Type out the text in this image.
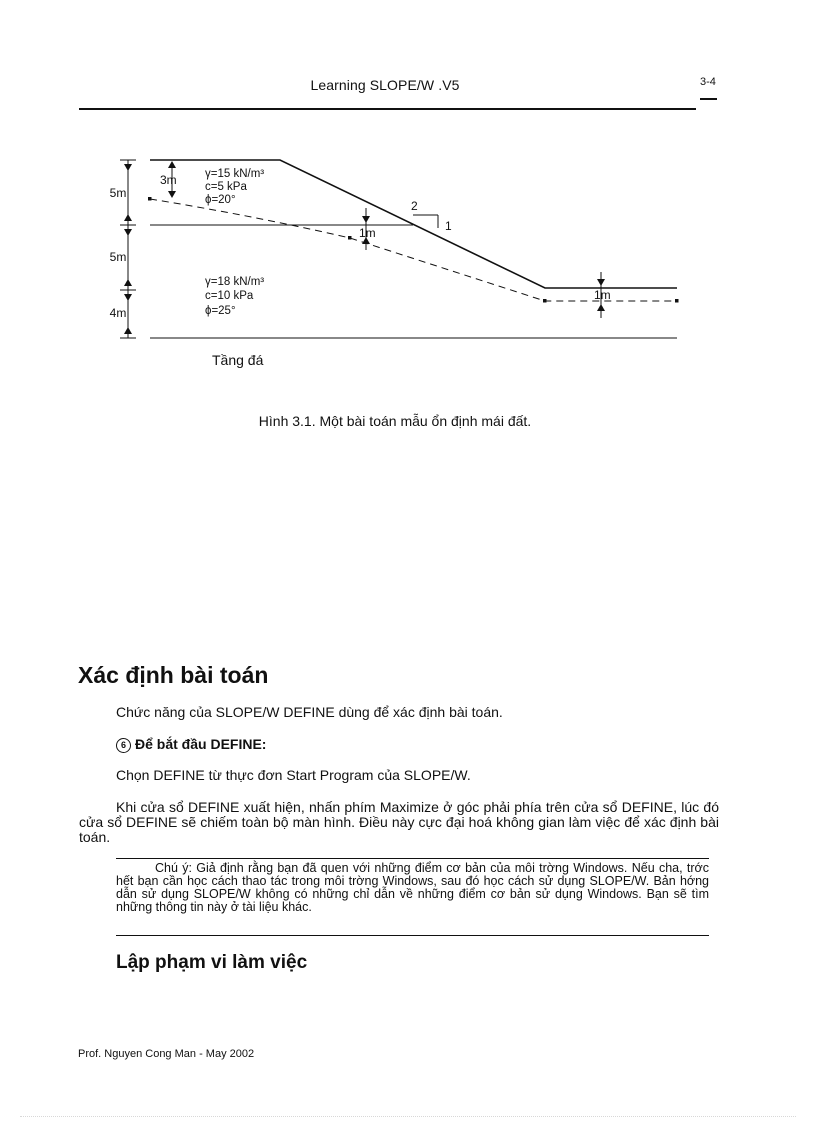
Learning SLOPE/W .V5	3-4
5m
5m
4m
3m γ=15 kN/m³
c=5 kPa
ϕ=20°	2
1
1m
γ=18 kN/m³
c=10 kPa
ϕ=25°
1m
Tầng đá
Hình 3.1. Một bài toán mẫu ổn định mái đất.
Xác định bài toán
Chức năng của SLOPE/W DEFINE dùng để xác định bài toán.
6 Để bắt đầu DEFINE:
Chọn DEFINE từ thực đơn Start Program của SLOPE/W.
Khi cửa sổ DEFINE xuất hiện, nhấn phím Maximize ở góc phải phía trên cửa sổ DEFINE, lúc đó cửa sổ DEFINE sẽ chiếm toàn bộ màn hình. Điều này cực đại hoá không gian làm việc để xác định bài toán.
Chú ý: Giả định rằng bạn đã quen với những điểm cơ bản của môi trờng Windows. Nếu cha, trớc hết bạn cần học cách thao tác trong môi trờng Windows, sau đó học cách sử dụng SLOPE/W. Bản hớng dẫn sử dụng SLOPE/W không có những chỉ dẫn về những điểm cơ bản sử dụng Windows. Bạn sẽ tìm những thông tin này ở tài liệu khác.
Lập phạm vi làm việc
Prof. Nguyen Cong Man - May 2002
